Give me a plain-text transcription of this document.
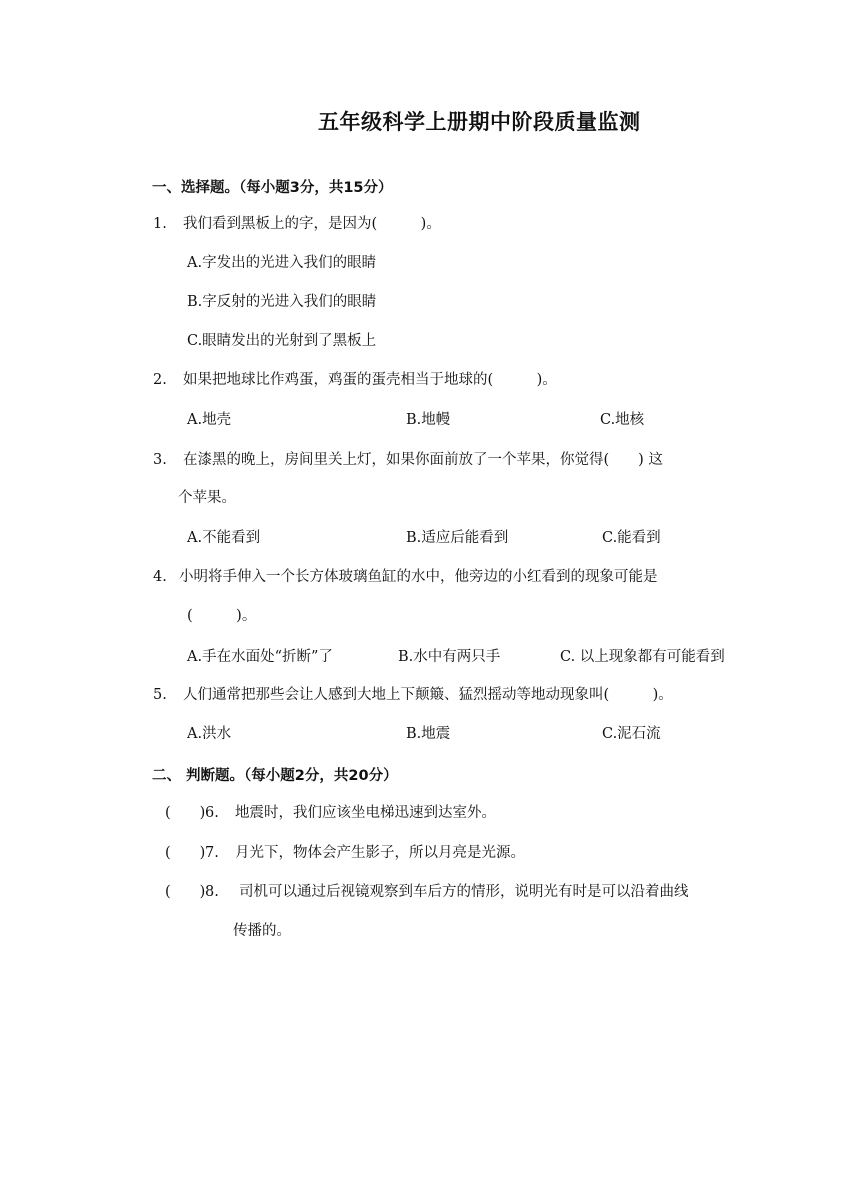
五年级科学上册期中阶段质量监测
一、选择题。（每小题3分，共15分）
1. 我们看到黑板上的字，是因为(　　　)。
A.字发出的光进入我们的眼睛
B.字反射的光进入我们的眼睛
C.眼睛发出的光射到了黑板上
2. 如果把地球比作鸡蛋，鸡蛋的蛋壳相当于地球的(　　　)。
A.地壳	B.地幔	C.地核
3. 在漆黑的晚上，房间里关上灯，如果你面前放了一个苹果，你觉得(　　) 这
个苹果。
A.不能看到	B.适应后能看到	C.能看到
4. 小明将手伸入一个长方体玻璃鱼缸的水中，他旁边的小红看到的现象可能是
(　　　)。
A.手在水面处“折断”了	B.水中有两只手	C. 以上现象都有可能看到
5. 人们通常把那些会让人感到大地上下颠簸、猛烈摇动等地动现象叫(　　　)。
A.洪水	B.地震	C.泥石流
二、 判断题。（每小题2分，共20分）
(　　)6. 地震时，我们应该坐电梯迅速到达室外。
(　　)7. 月光下，物体会产生影子，所以月亮是光源。
(　　)8. 司机可以通过后视镜观察到车后方的情形，说明光有时是可以沿着曲线
传播的。
